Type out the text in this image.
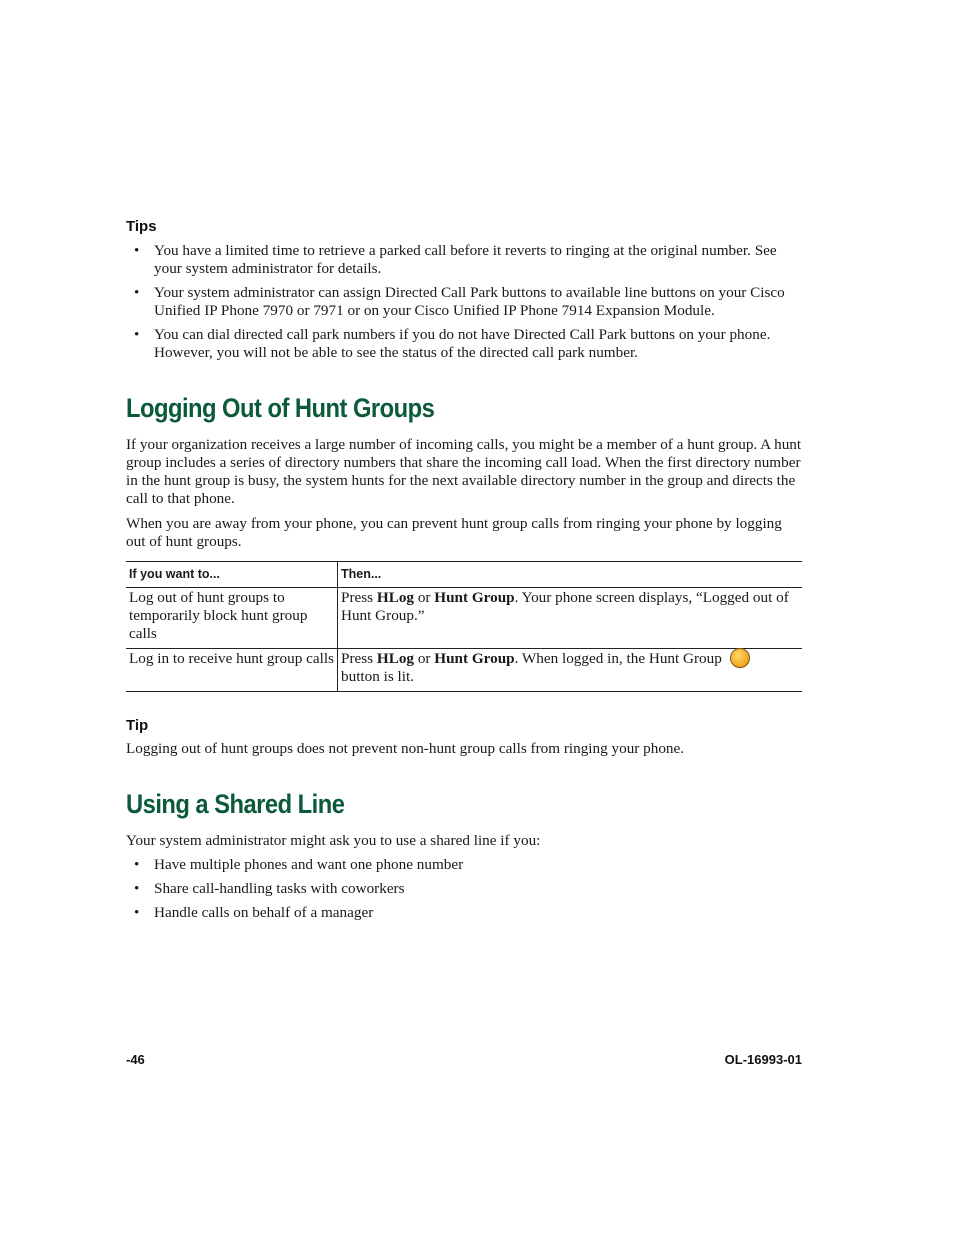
Tips
• You have a limited time to retrieve a parked call before it reverts to ringing at the original number. See your system administrator for details.
• Your system administrator can assign Directed Call Park buttons to available line buttons on your Cisco Unified IP Phone 7970 or 7971 or on your Cisco Unified IP Phone 7914 Expansion Module.
• You can dial directed call park numbers if you do not have Directed Call Park buttons on your phone. However, you will not be able to see the status of the directed call park number.
Logging Out of Hunt Groups

If your organization receives a large number of incoming calls, you might be a member of a hunt group. A hunt group includes a series of directory numbers that share the incoming call load. When the first directory number in the hunt group is busy, the system hunts for the next available directory number in the group and directs the call to that phone.

When you are away from your phone, you can prevent hunt group calls from ringing your phone by logging out of hunt groups.

If you want to...	Then...
Log out of hunt groups to temporarily block hunt group calls	Press HLog or Hunt Group. Your phone screen displays, “Logged out of Hunt Group.”
Log in to receive hunt group calls	Press HLog or Hunt Group. When logged in, the Hunt Group
button is lit.
Tip

Logging out of hunt groups does not prevent non-hunt group calls from ringing your phone.

Using a Shared Line

Your system administrator might ask you to use a shared line if you:

• Have multiple phones and want one phone number
• Share call-handling tasks with coworkers
• Handle calls on behalf of a manager
-46	OL-16993-01
